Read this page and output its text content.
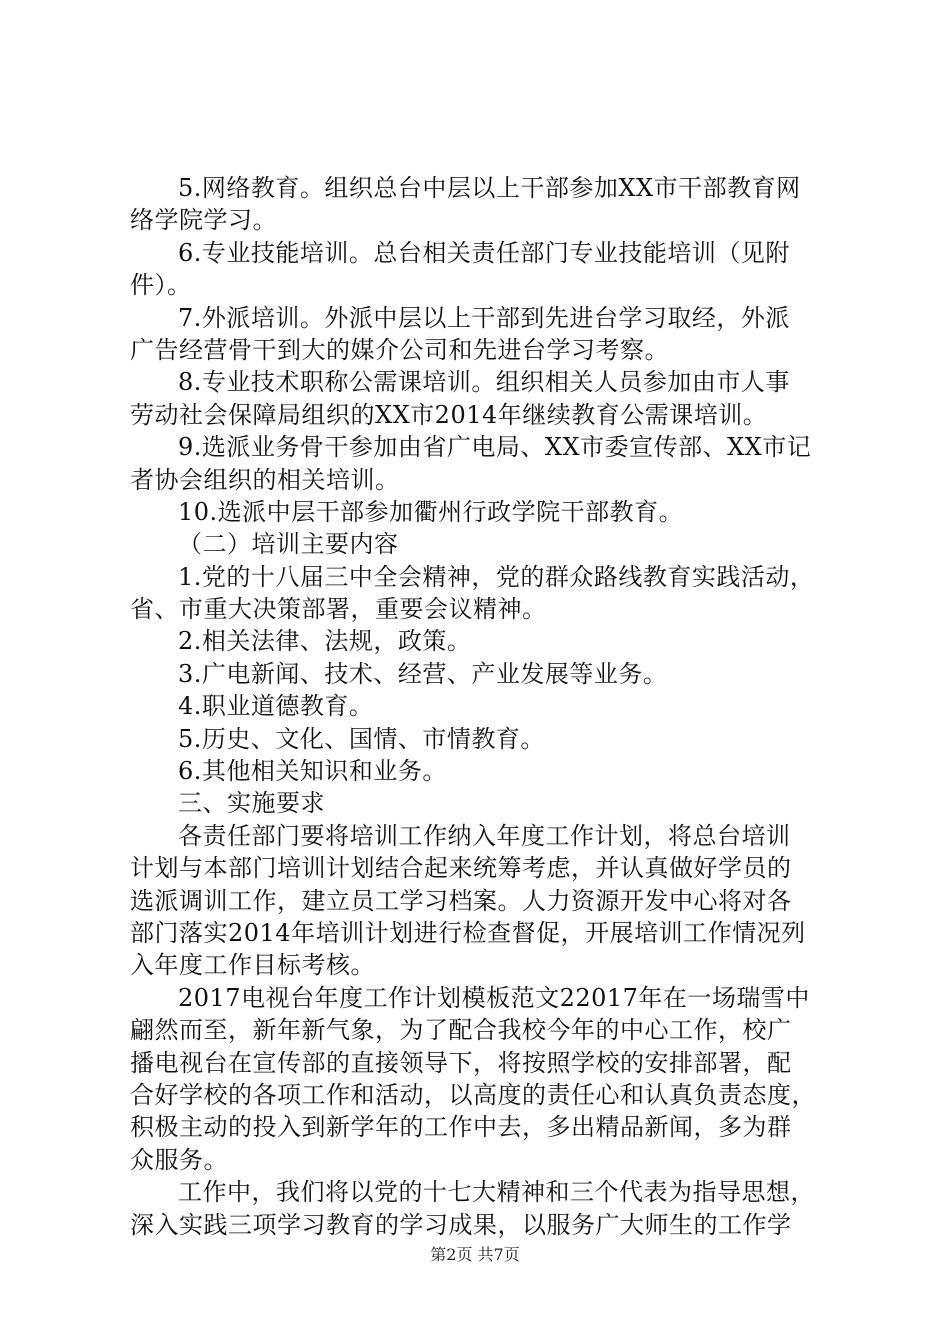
5.网络教育。组织总台中层以上干部参加XX市干部教育网
络学院学习。
6.专业技能培训。总台相关责任部门专业技能培训（见附
件）。
7.外派培训。外派中层以上干部到先进台学习取经，外派
广告经营骨干到大的媒介公司和先进台学习考察。
8.专业技术职称公需课培训。组织相关人员参加由市人事
劳动社会保障局组织的XX市2014年继续教育公需课培训。
9.选派业务骨干参加由省广电局、XX市委宣传部、XX市记
者协会组织的相关培训。
10.选派中层干部参加衢州行政学院干部教育。
（二）培训主要内容
1.党的十八届三中全会精神，党的群众路线教育实践活动，
省、市重大决策部署，重要会议精神。
2.相关法律、法规，政策。
3.广电新闻、技术、经营、产业发展等业务。
4.职业道德教育。
5.历史、文化、国情、市情教育。
6.其他相关知识和业务。
三、实施要求
各责任部门要将培训工作纳入年度工作计划，将总台培训
计划与本部门培训计划结合起来统筹考虑，并认真做好学员的
选派调训工作，建立员工学习档案。人力资源开发中心将对各
部门落实2014年培训计划进行检查督促，开展培训工作情况列
入年度工作目标考核。
2017电视台年度工作计划模板范文22017年在一场瑞雪中
翩然而至，新年新气象，为了配合我校今年的中心工作，校广
播电视台在宣传部的直接领导下，将按照学校的安排部署，配
合好学校的各项工作和活动，以高度的责任心和认真负责态度，
积极主动的投入到新学年的工作中去，多出精品新闻，多为群
众服务。
工作中，我们将以党的十七大精神和三个代表为指导思想，
深入实践三项学习教育的学习成果，以服务广大师生的工作学
第2页 共7页
